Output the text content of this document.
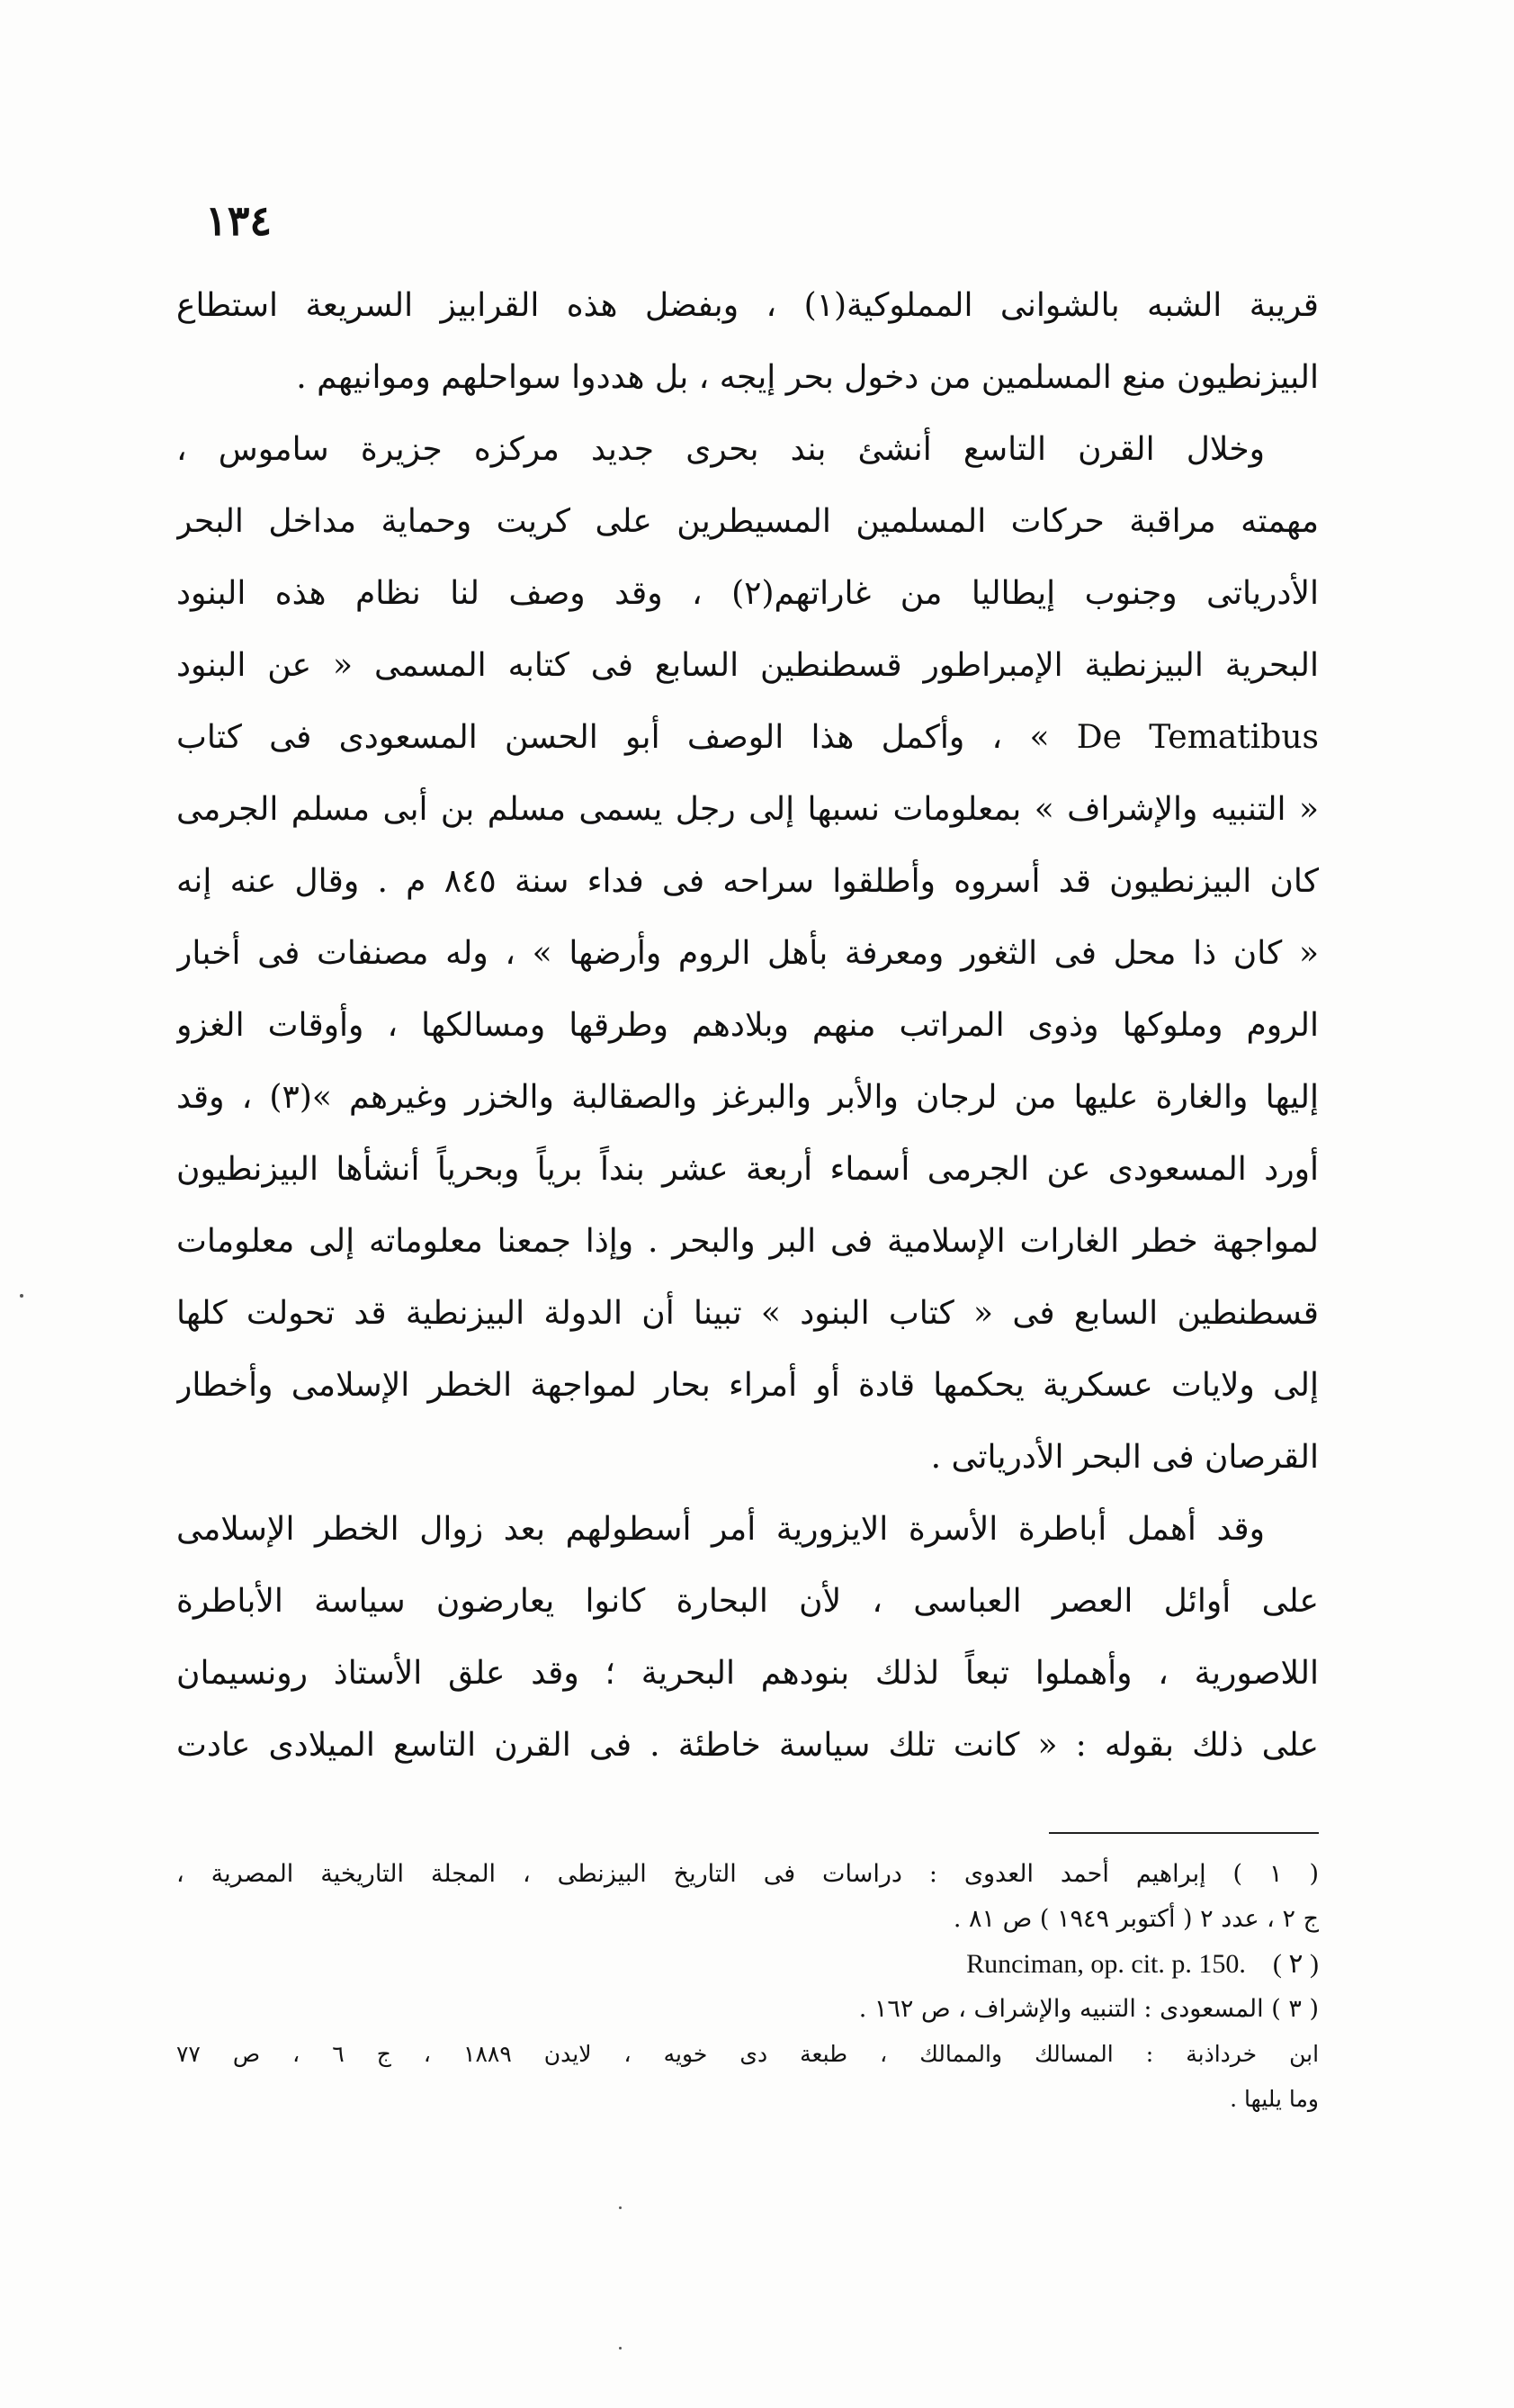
١٣٤
قريبة الشبه بالشوانى المملوكية(١) ، وبفضل هذه القرابيز السريعة استطاع
البيزنطيون منع المسلمين من دخول بحر إيجه ، بل هددوا سواحلهم وموانيهم .
وخلال القرن التاسع أنشئ بند بحرى جديد مركزه جزيرة ساموس ،
مهمته مراقبة حركات المسلمين المسيطرين على كريت وحماية مداخل البحر
الأدرياتى وجنوب إيطاليا من غاراتهم(٢) ، وقد وصف لنا نظام هذه البنود
البحرية البيزنطية الإمبراطور قسطنطين السابع فى كتابه المسمى « عن البنود
De Tematibus » ، وأكمل هذا الوصف أبو الحسن المسعودى فى كتاب
« التنبيه والإشراف » بمعلومات نسبها إلى رجل يسمى مسلم بن أبى مسلم الجرمى
كان البيزنطيون قد أسروه وأطلقوا سراحه فى فداء سنة ٨٤٥ م . وقال عنه إنه
« كان ذا محل فى الثغور ومعرفة بأهل الروم وأرضها » ، وله مصنفات فى أخبار
الروم وملوكها وذوى المراتب منهم وبلادهم وطرقها ومسالكها ، وأوقات الغزو
إليها والغارة عليها من لرجان والأبر والبرغز والصقالبة والخزر وغيرهم »(٣) ، وقد
أورد المسعودى عن الجرمى أسماء أربعة عشر بنداً برياً وبحرياً أنشأها البيزنطيون
لمواجهة خطر الغارات الإسلامية فى البر والبحر . وإذا جمعنا معلوماته إلى معلومات
قسطنطين السابع فى « كتاب البنود » تبينا أن الدولة البيزنطية قد تحولت كلها
إلى ولايات عسكرية يحكمها قادة أو أمراء بحار لمواجهة الخطر الإسلامى وأخطار
القرصان فى البحر الأدرياتى .
وقد أهمل أباطرة الأسرة الايزورية أمر أسطولهم بعد زوال الخطر الإسلامى
على أوائل العصر العباسى ، لأن البحارة كانوا يعارضون سياسة الأباطرة
اللاصورية ، وأهملوا تبعاً لذلك بنودهم البحرية ؛ وقد علق الأستاذ رونسيمان
على ذلك بقوله : « كانت تلك سياسة خاطئة . فى القرن التاسع الميلادى عادت
( ١ ) إبراهيم أحمد العدوى : دراسات فى التاريخ البيزنطى ، المجلة التاريخية المصرية ،
ج ٢ ، عدد ٢ ( أكتوبر ١٩٤٩ ) ص ٨١ .
( ٢ )    Runciman, op. cit. p. 150.
( ٣ ) المسعودى : التنبيه والإشراف ، ص ١٦٢ .
ابن خرداذبة : المسالك والممالك ، طبعة دى خويه ، لايدن ١٨٨٩ ، ج ٦ ، ص ٧٧
وما يليها .
